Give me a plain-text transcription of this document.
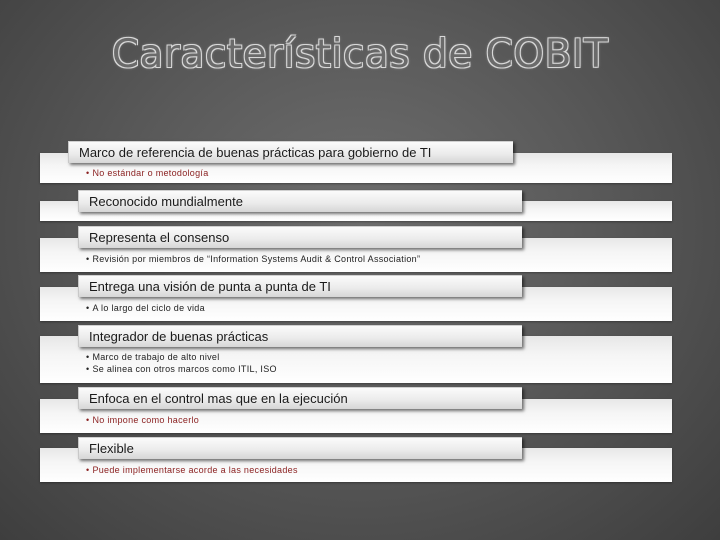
Características de COBIT
Marco de referencia de buenas prácticas para gobierno de TI
• No estándar o metodología
Reconocido mundialmente
Representa el consenso
• Revisión por miembros de “Information Systems Audit & Control Association”
Entrega una visión de punta a punta de TI
• A lo largo del ciclo de vida
Integrador de buenas prácticas
• Marco de trabajo de alto nivel
• Se alinea con otros marcos como ITIL, ISO
Enfoca en el control mas que en la ejecución
• No impone como hacerlo
Flexible
• Puede implementarse acorde a las necesidades
